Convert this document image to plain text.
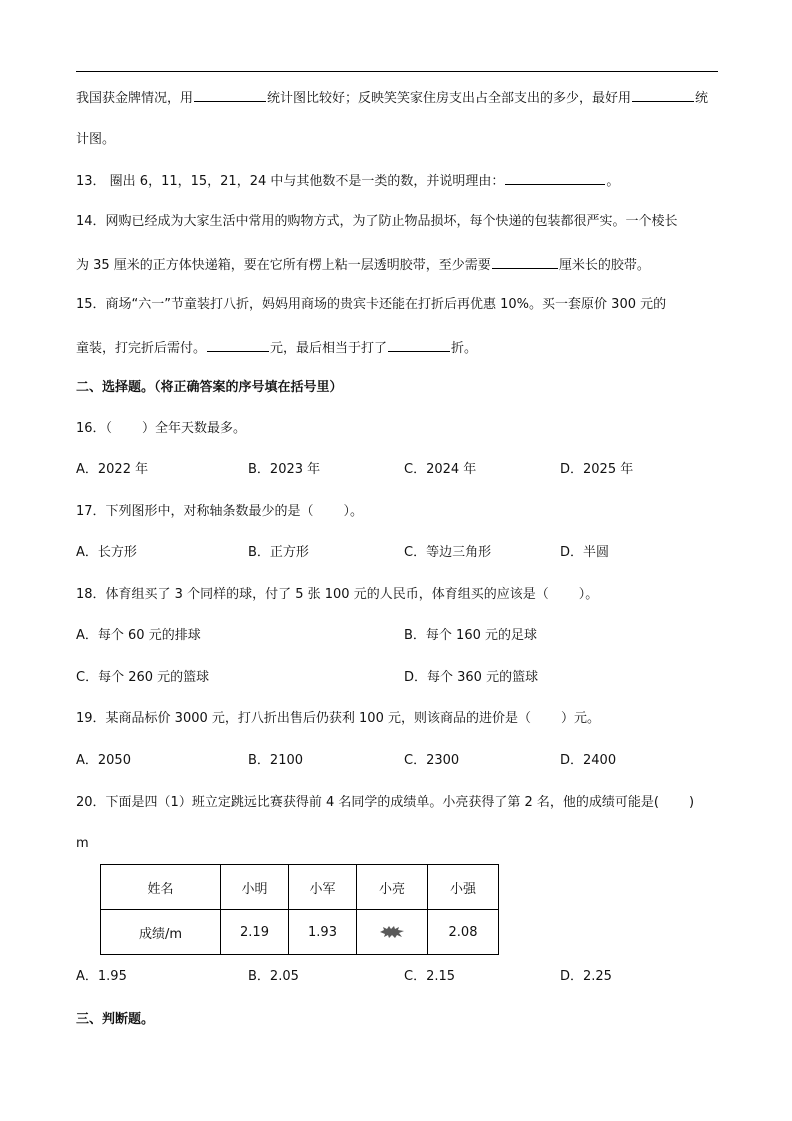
我国获金牌情况，用	统计图比较好；反映笑笑家住房支出占全部支出的多少，最好用	统
计图。
13． 圈出 6，11，15，21，24 中与其他数不是一类的数，并说明理由：	。
14．网购已经成为大家生活中常用的购物方式，为了防止物品损坏，每个快递的包装都很严实。一个棱长
为 35 厘米的正方体快递箱，要在它所有楞上粘一层透明胶带，至少需要	厘米长的胶带。
15．商场“六一”节童装打八折，妈妈用商场的贵宾卡还能在打折后再优惠 10%。买一套原价 300 元的
童装，打完折后需付。	元，最后相当于打了	折。
二、选择题。（将正确答案的序号填在括号里）
16．（ ）全年天数最多。
A．2022 年	B．2023 年	C．2024 年	D．2025 年
17．下列图形中，对称轴条数最少的是（ ）。
A．长方形	B．正方形	C．等边三角形	D．半圆
18．体育组买了 3 个同样的球，付了 5 张 100 元的人民币，体育组买的应该是（ ）。
A．每个 60 元的排球	B．每个 160 元的足球
C．每个 260 元的篮球	D．每个 360 元的篮球
19．某商品标价 3000 元，打八折出售后仍获利 100 元，则该商品的进价是（ ）元。
A．2050	B．2100	C．2300	D．2400
20．下面是四（1）班立定跳远比赛获得前 4 名同学的成绩单。小亮获得了第 2 名，他的成绩可能是( )
m
姓名	小明	小军	小亮	小强
成绩/m	2.19	1.93		2.08
A．1.95	B．2.05	C．2.15	D．2.25
三、判断题。
